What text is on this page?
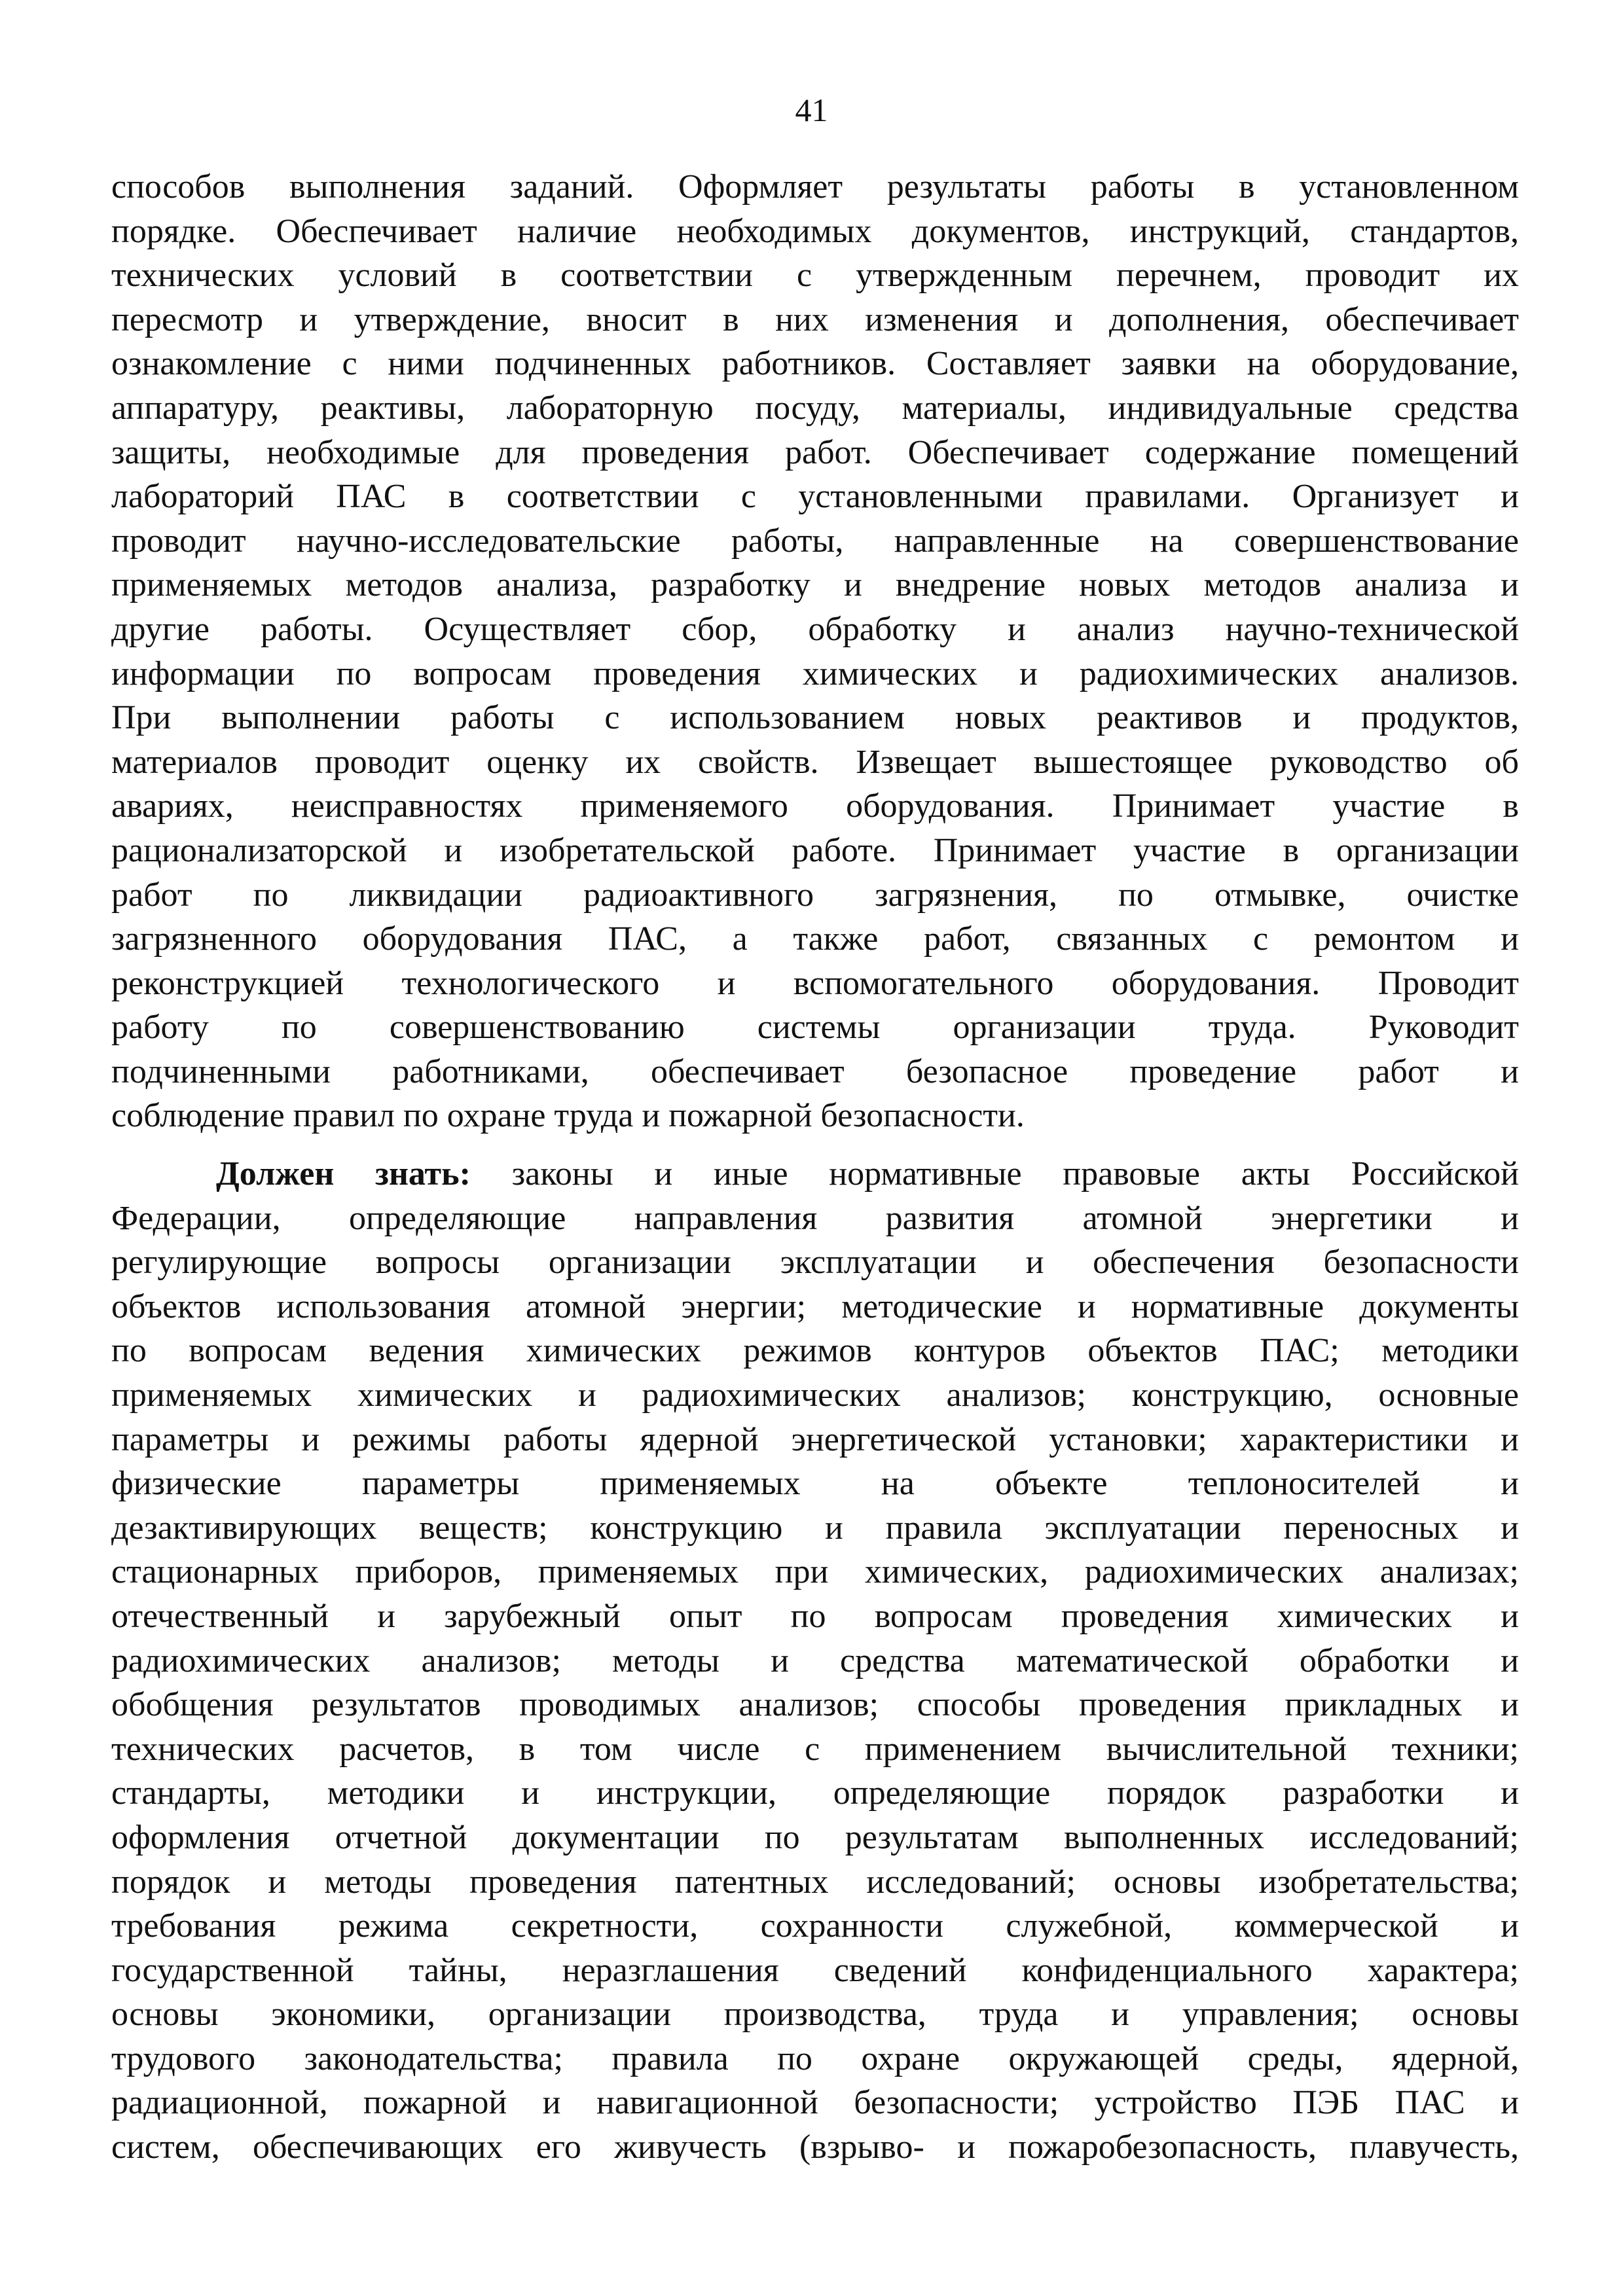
41
способов выполнения заданий. Оформляет результаты работы в установленном
порядке. Обеспечивает наличие необходимых документов, инструкций, стандартов,
технических условий в соответствии с утвержденным перечнем, проводит их
пересмотр и утверждение, вносит в них изменения и дополнения, обеспечивает
ознакомление с ними подчиненных работников. Составляет заявки на оборудование,
аппаратуру, реактивы, лабораторную посуду, материалы, индивидуальные средства
защиты, необходимые для проведения работ. Обеспечивает содержание помещений
лабораторий ПАС в соответствии с установленными правилами. Организует и
проводит научно-исследовательские работы, направленные на совершенствование
применяемых методов анализа, разработку и внедрение новых методов анализа и
другие работы. Осуществляет сбор, обработку и анализ научно-технической
информации по вопросам проведения химических и радиохимических анализов.
При выполнении работы с использованием новых реактивов и продуктов,
материалов проводит оценку их свойств. Извещает вышестоящее руководство об
авариях, неисправностях применяемого оборудования. Принимает участие в
рационализаторской и изобретательской работе. Принимает участие в организации
работ по ликвидации радиоактивного загрязнения, по отмывке, очистке
загрязненного оборудования ПАС, а также работ, связанных с ремонтом и
реконструкцией технологического и вспомогательного оборудования. Проводит
работу по совершенствованию системы организации труда. Руководит
подчиненными работниками, обеспечивает безопасное проведение работ и
соблюдение правил по охране труда и пожарной безопасности.
Должен знать: законы и иные нормативные правовые акты Российской
Федерации, определяющие направления развития атомной энергетики и
регулирующие вопросы организации эксплуатации и обеспечения безопасности
объектов использования атомной энергии; методические и нормативные документы
по вопросам ведения химических режимов контуров объектов ПАС; методики
применяемых химических и радиохимических анализов; конструкцию, основные
параметры и режимы работы ядерной энергетической установки; характеристики и
физические параметры применяемых на объекте теплоносителей и
дезактивирующих веществ; конструкцию и правила эксплуатации переносных и
стационарных приборов, применяемых при химических, радиохимических анализах;
отечественный и зарубежный опыт по вопросам проведения химических и
радиохимических анализов; методы и средства математической обработки и
обобщения результатов проводимых анализов; способы проведения прикладных и
технических расчетов, в том числе с применением вычислительной техники;
стандарты, методики и инструкции, определяющие порядок разработки и
оформления отчетной документации по результатам выполненных исследований;
порядок и методы проведения патентных исследований; основы изобретательства;
требования режима секретности, сохранности служебной, коммерческой и
государственной тайны, неразглашения сведений конфиденциального характера;
основы экономики, организации производства, труда и управления; основы
трудового законодательства; правила по охране окружающей среды, ядерной,
радиационной, пожарной и навигационной безопасности; устройство ПЭБ ПАС и
систем, обеспечивающих его живучесть (взрыво- и пожаробезопасность, плавучесть,
